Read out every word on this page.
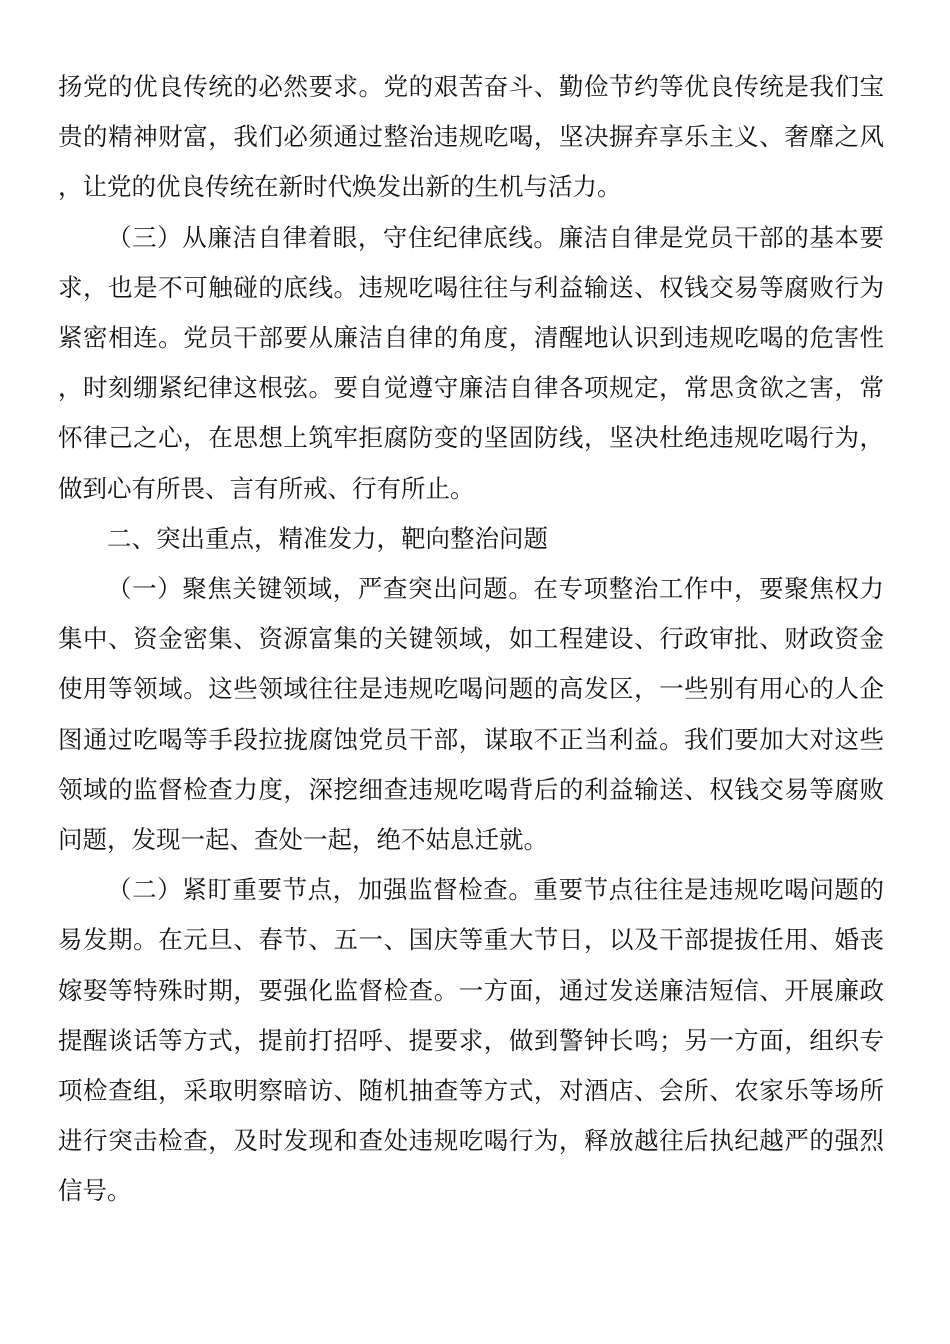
扬党的优良传统的必然要求。党的艰苦奋斗、勤俭节约等优良传统是我们宝贵的精神财富，我们必须通过整治违规吃喝，坚决摒弃享乐主义、奢靡之风，让党的优良传统在新时代焕发出新的生机与活力。

（三）从廉洁自律着眼，守住纪律底线。廉洁自律是党员干部的基本要求，也是不可触碰的底线。违规吃喝往往与利益输送、权钱交易等腐败行为紧密相连。党员干部要从廉洁自律的角度，清醒地认识到违规吃喝的危害性，时刻绷紧纪律这根弦。要自觉遵守廉洁自律各项规定，常思贪欲之害，常怀律己之心，在思想上筑牢拒腐防变的坚固防线，坚决杜绝违规吃喝行为，做到心有所畏、言有所戒、行有所止。

二、突出重点，精准发力，靶向整治问题

（一）聚焦关键领域，严查突出问题。在专项整治工作中，要聚焦权力集中、资金密集、资源富集的关键领域，如工程建设、行政审批、财政资金使用等领域。这些领域往往是违规吃喝问题的高发区，一些别有用心的人企图通过吃喝等手段拉拢腐蚀党员干部，谋取不正当利益。我们要加大对这些领域的监督检查力度，深挖细查违规吃喝背后的利益输送、权钱交易等腐败问题，发现一起、查处一起，绝不姑息迁就。

（二）紧盯重要节点，加强监督检查。重要节点往往是违规吃喝问题的易发期。在元旦、春节、五一、国庆等重大节日，以及干部提拔任用、婚丧嫁娶等特殊时期，要强化监督检查。一方面，通过发送廉洁短信、开展廉政提醒谈话等方式，提前打招呼、提要求，做到警钟长鸣；另一方面，组织专项检查组，采取明察暗访、随机抽查等方式，对酒店、会所、农家乐等场所进行突击检查，及时发现和查处违规吃喝行为，释放越往后执纪越严的强烈信号。
